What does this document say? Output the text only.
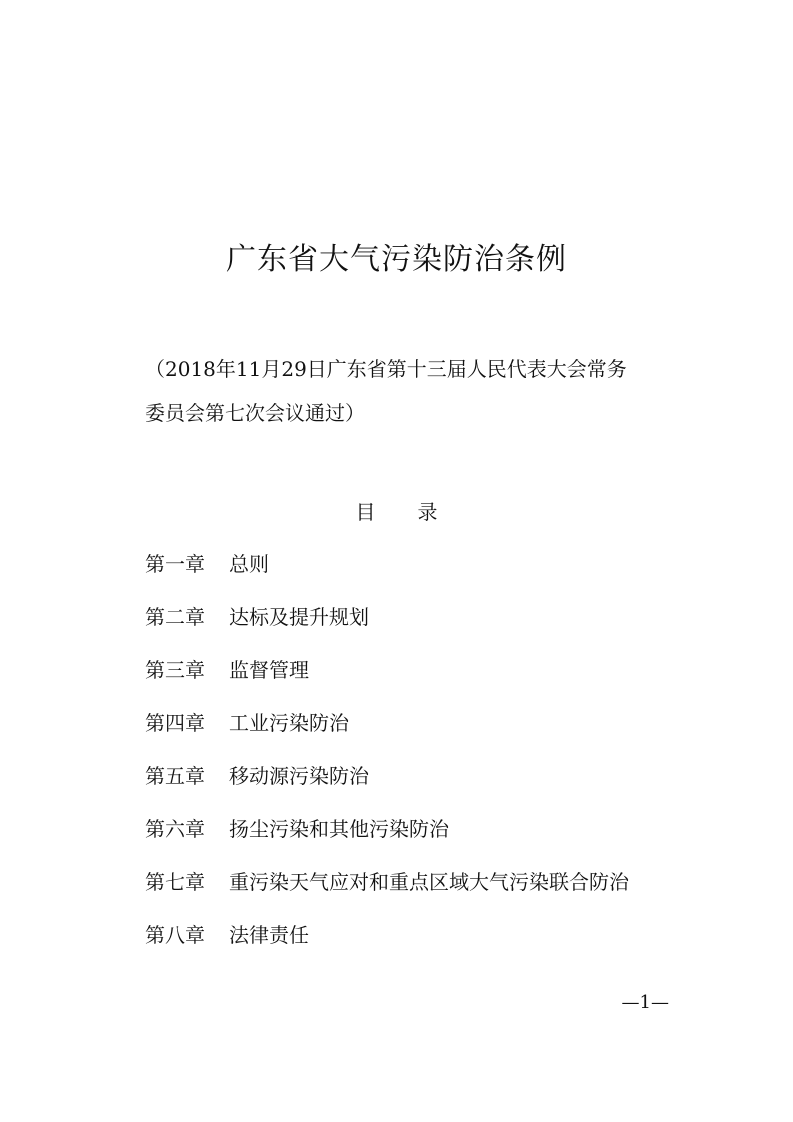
广东省大气污染防治条例
（2018年11月29日广东省第十三届人民代表大会常务
委员会第七次会议通过）
目 录
第一章 总则
第二章 达标及提升规划
第三章 监督管理
第四章 工业污染防治
第五章 移动源污染防治
第六章 扬尘污染和其他污染防治
第七章 重污染天气应对和重点区域大气污染联合防治
第八章 法律责任
—1—
